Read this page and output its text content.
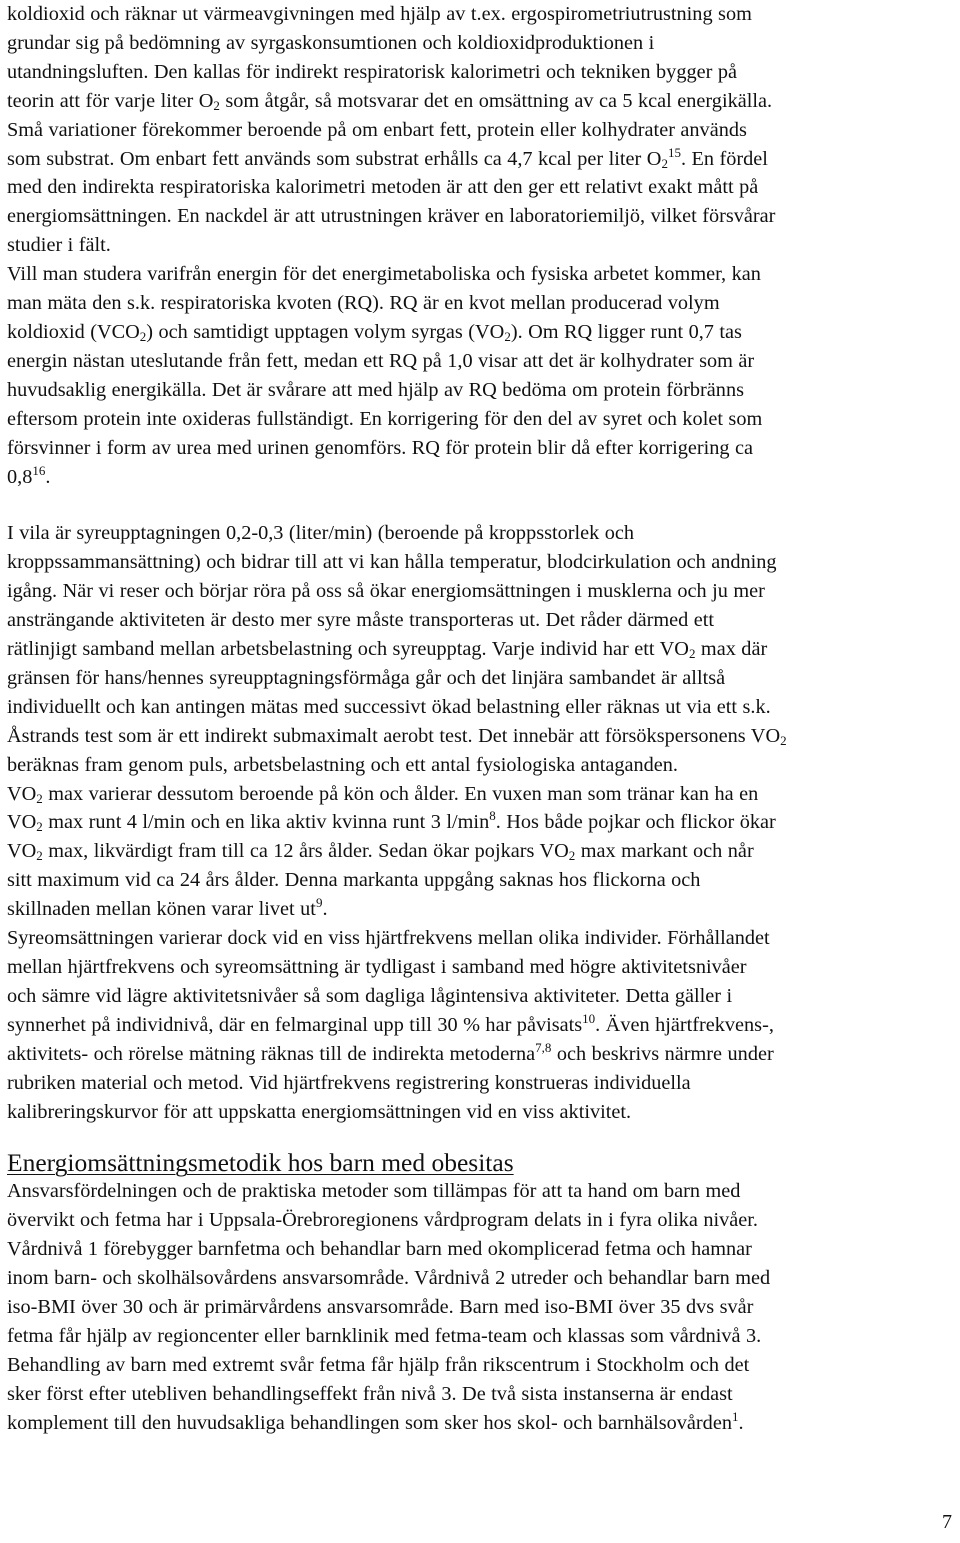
koldioxid och räknar ut värmeavgivningen med hjälp av t.ex. ergospirometriutrustning som
grundar sig på bedömning av syrgaskonsumtionen och koldioxidproduktionen i
utandningsluften. Den kallas för indirekt respiratorisk kalorimetri och tekniken bygger på
teorin att för varje liter $O_2$ som åtgår, så motsvarar det en omsättning av ca 5 kcal energikälla.
Små variationer förekommer beroende på om enbart fett, protein eller kolhydrater används
som substrat. Om enbart fett används som substrat erhålls ca 4,7 kcal per liter $O_2^{15}$. En fördel
med den indirekta respiratoriska kalorimetri metoden är att den ger ett relativt exakt mått på
energiomsättningen. En nackdel är att utrustningen kräver en laboratoriemiljö, vilket försvårar
studier i fält.
Vill man studera varifrån energin för det energimetaboliska och fysiska arbetet kommer, kan
man mäta den s.k. respiratoriska kvoten (RQ). RQ är en kvot mellan producerad volym
koldioxid $(VCO_2)$ och samtidigt upptagen volym syrgas $(VO_2)$. Om RQ ligger runt 0,7 tas
energin nästan uteslutande från fett, medan ett RQ på 1,0 visar att det är kolhydrater som är
huvudsaklig energikälla. Det är svårare att med hjälp av RQ bedöma om protein förbränns
eftersom protein inte oxideras fullständigt. En korrigering för den del av syret och kolet som
försvinner i form av urea med urinen genomförs. RQ för protein blir då efter korrigering ca
$0,8^{16}$.
I vila är syreupptagningen 0,2-0,3 (liter/min) (beroende på kroppsstorlek och
kroppssammansättning) och bidrar till att vi kan hålla temperatur, blodcirkulation och andning
igång. När vi reser och börjar röra på oss så ökar energiomsättningen i musklerna och ju mer
ansträngande aktiviteten är desto mer syre måste transporteras ut. Det råder därmed ett
rätlinjigt samband mellan arbetsbelastning och syreupptag. Varje individ har ett $VO_2$ max där
gränsen för hans/hennes syreupptagningsförmåga går och det linjära sambandet är alltså
individuellt och kan antingen mätas med successivt ökad belastning eller räknas ut via ett s.k.
Åstrands test som är ett indirekt submaximalt aerobt test. Det innebär att försökspersonens $VO_2$
beräknas fram genom puls, arbetsbelastning och ett antal fysiologiska antaganden.
$VO_2$ max varierar dessutom beroende på kön och ålder. En vuxen man som tränar kan ha en
$VO_2$ max runt 4 l/min och en lika aktiv kvinna runt 3 $l/\min^8$. Hos både pojkar och flickor ökar
$VO_2$ max, likvärdigt fram till ca 12 års ålder. Sedan ökar pojkars $VO_2$ max markant och når
sitt maximum vid ca 24 års ålder. Denna markanta uppgång saknas hos flickorna och
skillnaden mellan könen varar livet $ut^9$.
Syreomsättningen varierar dock vid en viss hjärtfrekvens mellan olika individer. Förhållandet
mellan hjärtfrekvens och syreomsättning är tydligast i samband med högre aktivitetsnivåer
och sämre vid lägre aktivitetsnivåer så som dagliga lågintensiva aktiviteter. Detta gäller i
synnerhet på individnivå, där en felmarginal upp till 30 % har påvisats$^{10}$. Även hjärtfrekvens-,
aktivitets- och rörelse mätning räknas till de indirekta metoderna$^{7,8}$ och beskrivs närmre under
rubriken material och metod. Vid hjärtfrekvens registrering konstrueras individuella
kalibreringskurvor för att uppskatta energiomsättningen vid en viss aktivitet.
Energiomsättningsmetodik hos barn med obesitas
Ansvarsfördelningen och de praktiska metoder som tillämpas för att ta hand om barn med
övervikt och fetma har i Uppsala-Örebroregionens vårdprogram delats in i fyra olika nivåer.
Vårdnivå 1 förebygger barnfetma och behandlar barn med okomplicerad fetma och hamnar
inom barn- och skolhälsovårdens ansvarsområde. Vårdnivå 2 utreder och behandlar barn med
iso-BMI över 30 och är primärvårdens ansvarsområde. Barn med iso-BMI över 35 dvs svår
fetma får hjälp av regioncenter eller barnklinik med fetma-team och klassas som vårdnivå 3.
Behandling av barn med extremt svår fetma får hjälp från rikscentrum i Stockholm och det
sker först efter utebliven behandlingseffekt från nivå 3. De två sista instanserna är endast
komplement till den huvudsakliga behandlingen som sker hos skol- och barnhälsovården$^1$.
7
